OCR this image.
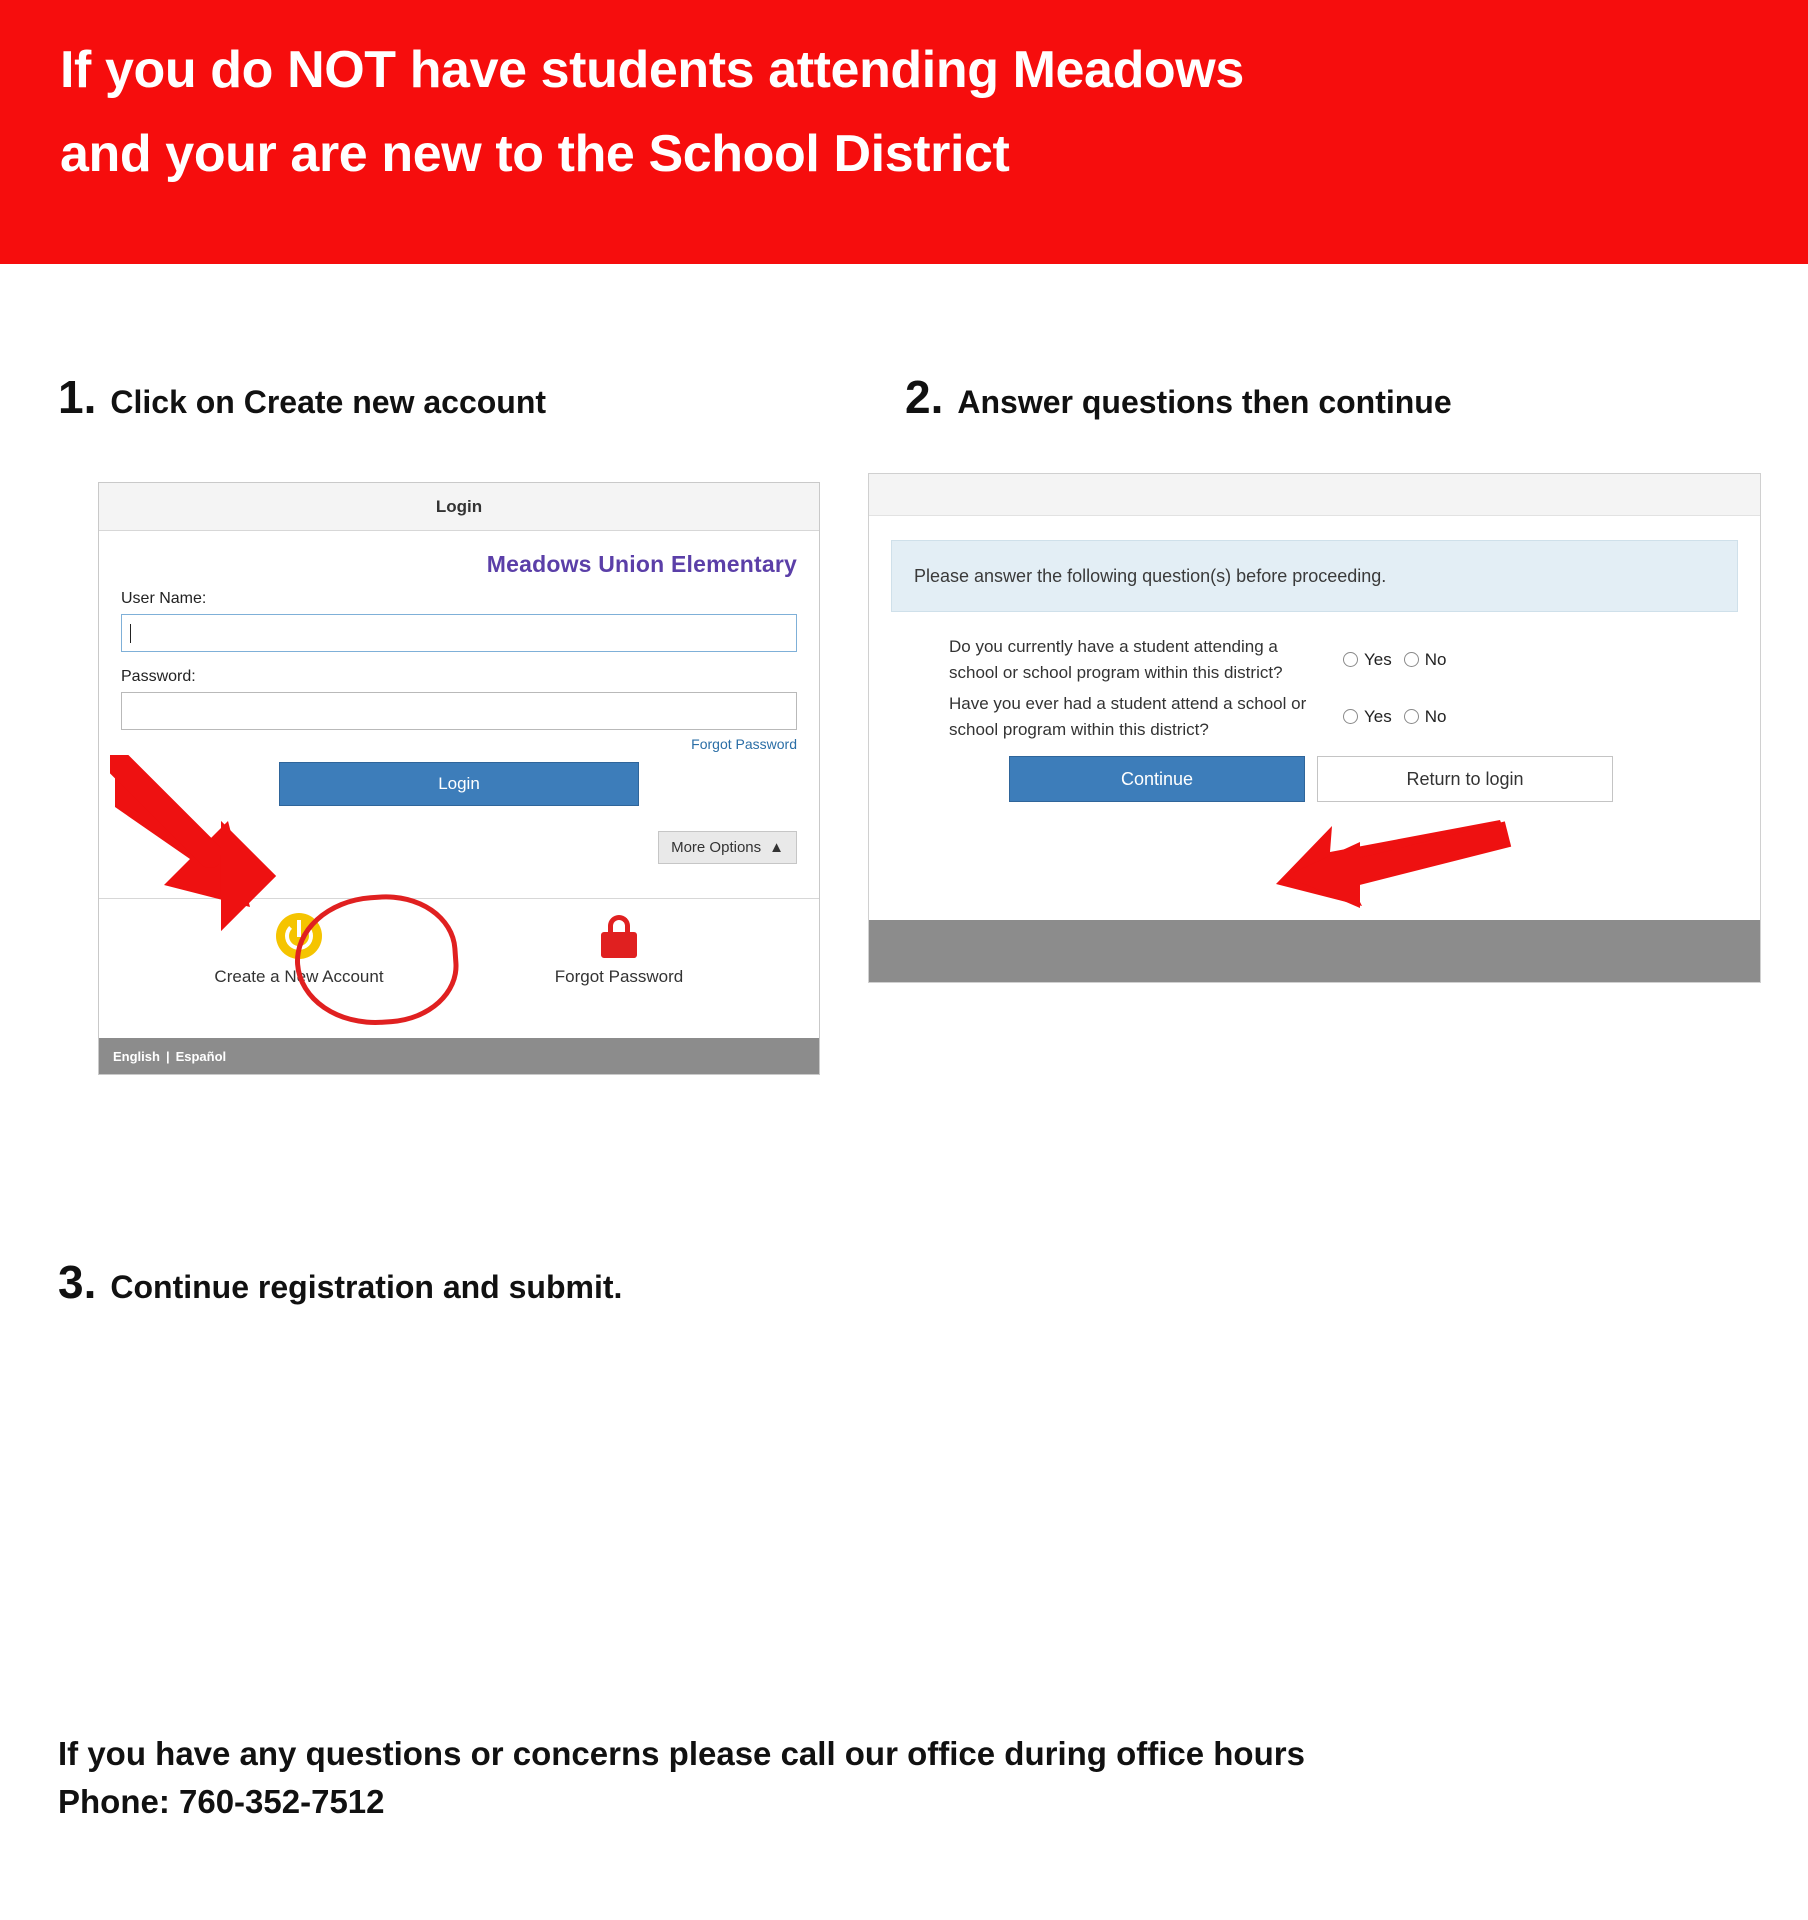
If you do NOT have students attending Meadows
and your are new to the School District
1. Click on Create new account	2. Answer questions then continue
3. Continue registration and submit.
Login
Meadows Union Elementary
User Name:
Password:
Forgot Password
Login
More Options ▲
Create a New Account	Forgot Password
English | Español
Please answer the following question(s) before proceeding.
Do you currently have a student attending a school or school program within this district?
Yes No
Have you ever had a student attend a school or school program within this district?
Yes No
Continue	Return to login
If you have any questions or concerns please call our office during office hours
Phone: 760-352-7512
